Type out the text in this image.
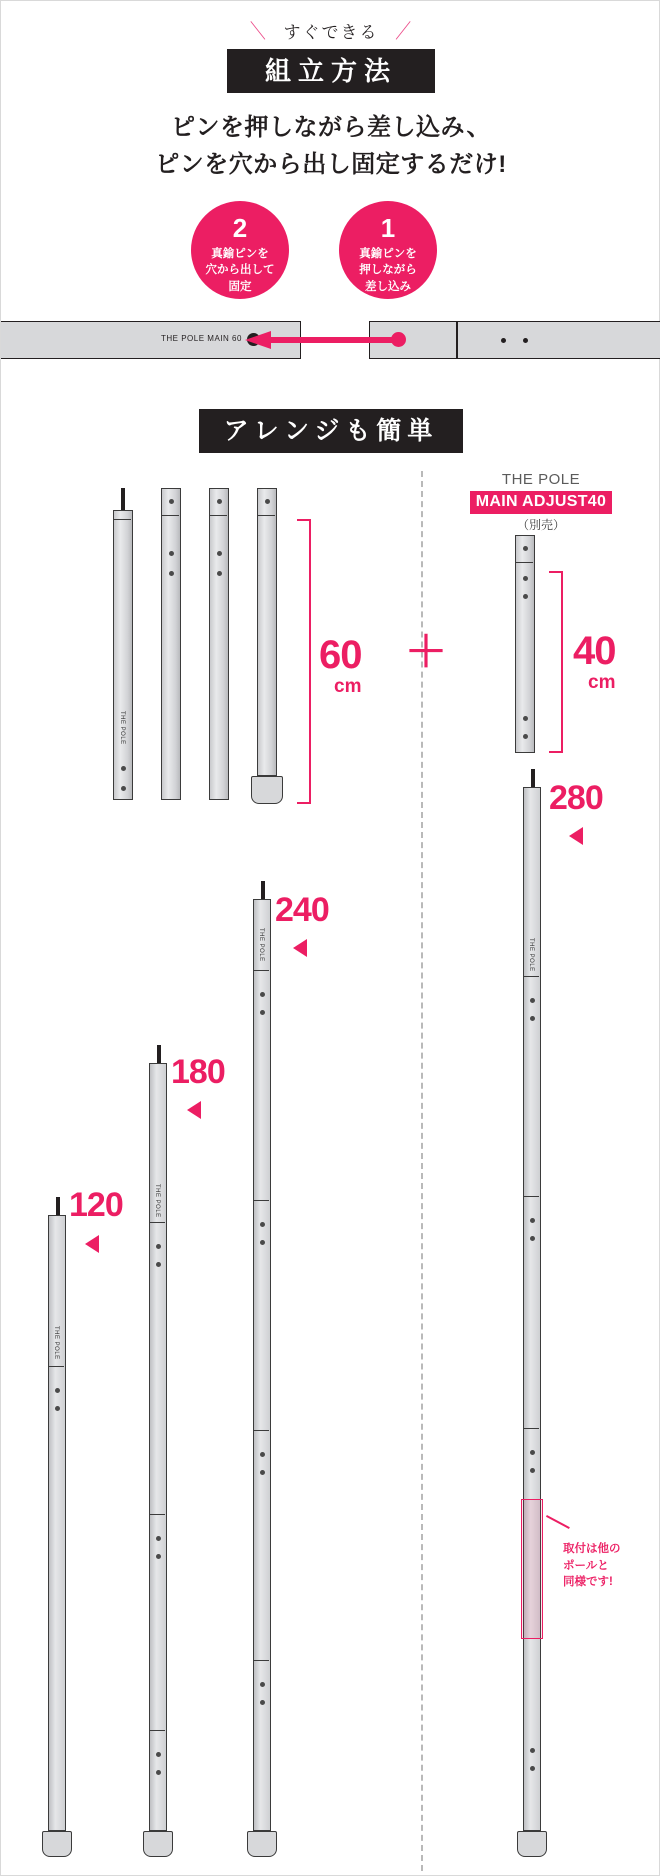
＼ すぐできる ／
組立方法
ピンを押しながら差し込み、
ピンを穴から出し固定するだけ!
2
真鍮ピンを
穴から出して
固定
1
真鍮ピンを
押しながら
差し込み
THE POLE MAIN 60
アレンジも簡単
THE POLE
MAIN ADJUST40
（別売）
THE POLE
60
cm
＋	40
cm
THE POLE
120	THE POLE
180
THE POLE
240
THE POLE
280
取付は他の
ポールと
同様です!
